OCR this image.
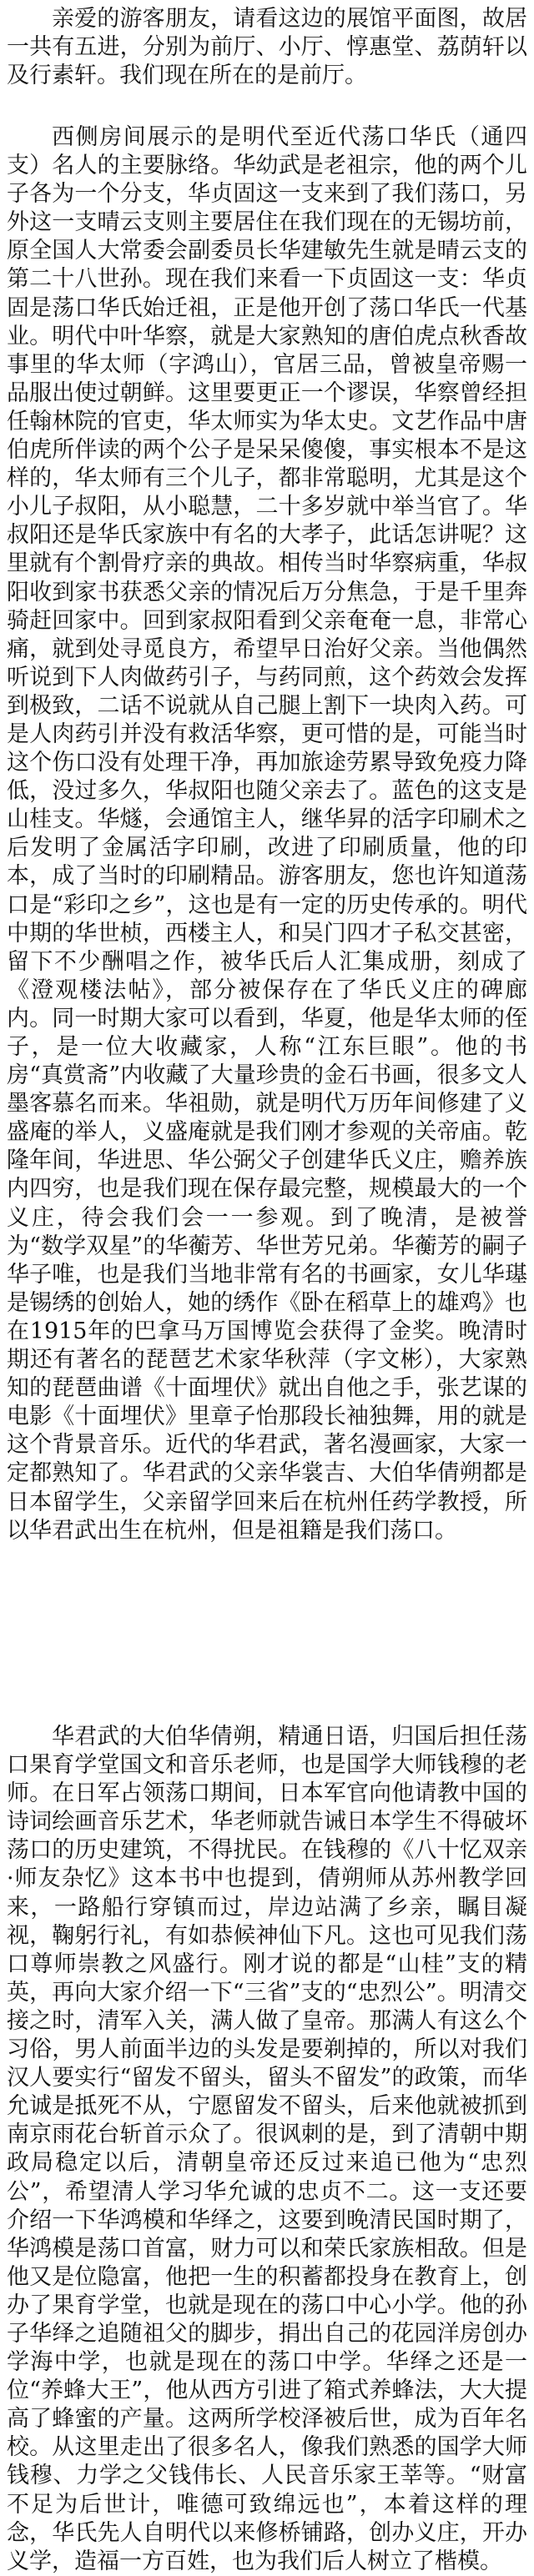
亲爱的游客朋友，请看这边的展馆平面图，故居一共有五进，分别为前厅、小厅、惇惠堂、荔荫轩以及行素轩。我们现在所在的是前厅。

西侧房间展示的是明代至近代荡口华氏（通四支）名人的主要脉络。华幼武是老祖宗，他的两个儿子各为一个分支，华贞固这一支来到了我们荡口，另外这一支晴云支则主要居住在我们现在的无锡坊前，原全国人大常委会副委员长华建敏先生就是晴云支的第二十八世孙。现在我们来看一下贞固这一支：华贞固是荡口华氏始迁祖，正是他开创了荡口华氏一代基业。明代中叶华察，就是大家熟知的唐伯虎点秋香故事里的华太师（字鸿山），官居三品，曾被皇帝赐一品服出使过朝鲜。这里要更正一个谬误，华察曾经担任翰林院的官吏，华太师实为华太史。文艺作品中唐伯虎所伴读的两个公子是呆呆傻傻，事实根本不是这样的，华太师有三个儿子，都非常聪明，尤其是这个小儿子叔阳，从小聪慧，二十多岁就中举当官了。华叔阳还是华氏家族中有名的大孝子，此话怎讲呢？这里就有个割骨疗亲的典故。相传当时华察病重，华叔阳收到家书获悉父亲的情况后万分焦急，于是千里奔骑赶回家中。回到家叔阳看到父亲奄奄一息，非常心痛，就到处寻觅良方，希望早日治好父亲。当他偶然听说到下人肉做药引子，与药同煎，这个药效会发挥到极致，二话不说就从自己腿上割下一块肉入药。可是人肉药引并没有救活华察，更可惜的是，可能当时这个伤口没有处理干净，再加旅途劳累导致免疫力降低，没过多久，华叔阳也随父亲去了。蓝色的这支是山桂支。华燧，会通馆主人，继华昇的活字印刷术之后发明了金属活字印刷，改进了印刷质量，他的印本，成了当时的印刷精品。游客朋友，您也许知道荡口是“彩印之乡”，这也是有一定的历史传承的。明代中期的华世桢，西楼主人，和吴门四才子私交甚密，留下不少酬唱之作，被华氏后人汇集成册，刻成了《澄观楼法帖》，部分被保存在了华氏义庄的碑廊内。同一时期大家可以看到，华夏，他是华太师的侄子，是一位大收藏家，人称“江东巨眼”。他的书房“真赏斋”内收藏了大量珍贵的金石书画，很多文人墨客慕名而来。华祖勋，就是明代万历年间修建了义盛庵的举人，义盛庵就是我们刚才参观的关帝庙。乾隆年间，华进思、华公弼父子创建华氏义庄，赡养族内四穷，也是我们现在保存最完整，规模最大的一个义庄，待会我们会一一参观。到了晚清，是被誉为“数学双星”的华蘅芳、华世芳兄弟。华蘅芳的嗣子华子唯，也是我们当地非常有名的书画家，女儿华璂是锡绣的创始人，她的绣作《卧在稻草上的雄鸡》也在1915年的巴拿马万国博览会获得了金奖。晚清时期还有著名的琵琶艺术家华秋萍（字文彬），大家熟知的琵琶曲谱《十面埋伏》就出自他之手，张艺谋的电影《十面埋伏》里章子怡那段长袖独舞，用的就是这个背景音乐。近代的华君武，著名漫画家，大家一定都熟知了。华君武的父亲华裳吉、大伯华倩朔都是日本留学生，父亲留学回来后在杭州任药学教授，所以华君武出生在杭州，但是祖籍是我们荡口。

华君武的大伯华倩朔，精通日语，归国后担任荡口果育学堂国文和音乐老师，也是国学大师钱穆的老师。在日军占领荡口期间，日本军官向他请教中国的诗词绘画音乐艺术，华老师就告诫日本学生不得破坏荡口的历史建筑，不得扰民。在钱穆的《八十忆双亲·师友杂忆》这本书中也提到，倩朔师从苏州教学回来，一路船行穿镇而过，岸边站满了乡亲，瞩目凝视，鞠躬行礼，有如恭候神仙下凡。这也可见我们荡口尊师崇教之风盛行。刚才说的都是“山桂”支的精英，再向大家介绍一下“三省”支的“忠烈公”。明清交接之时，清军入关，满人做了皇帝。那满人有这么个习俗，男人前面半边的头发是要剃掉的，所以对我们汉人要实行“留发不留头，留头不留发”的政策，而华允诚是抵死不从，宁愿留发不留头，后来他就被抓到南京雨花台斩首示众了。很讽刺的是，到了清朝中期政局稳定以后，清朝皇帝还反过来追已他为“忠烈公”，希望清人学习华允诚的忠贞不二。这一支还要介绍一下华鸿模和华绎之，这要到晚清民国时期了，华鸿模是荡口首富，财力可以和荣氏家族相敌。但是他又是位隐富，他把一生的积蓄都投身在教育上，创办了果育学堂，也就是现在的荡口中心小学。他的孙子华绎之追随祖父的脚步，捐出自己的花园洋房创办学海中学，也就是现在的荡口中学。华绎之还是一位“养蜂大王”，他从西方引进了箱式养蜂法，大大提高了蜂蜜的产量。这两所学校泽被后世，成为百年名校。从这里走出了很多名人，像我们熟悉的国学大师钱穆、力学之父钱伟长、人民音乐家王莘等。“财富不足为后世计，唯德可致绵远也”，本着这样的理念，华氏先人自明代以来修桥铺路，创办义庄，开办义学，造福一方百姓，也为我们后人树立了楷模。
